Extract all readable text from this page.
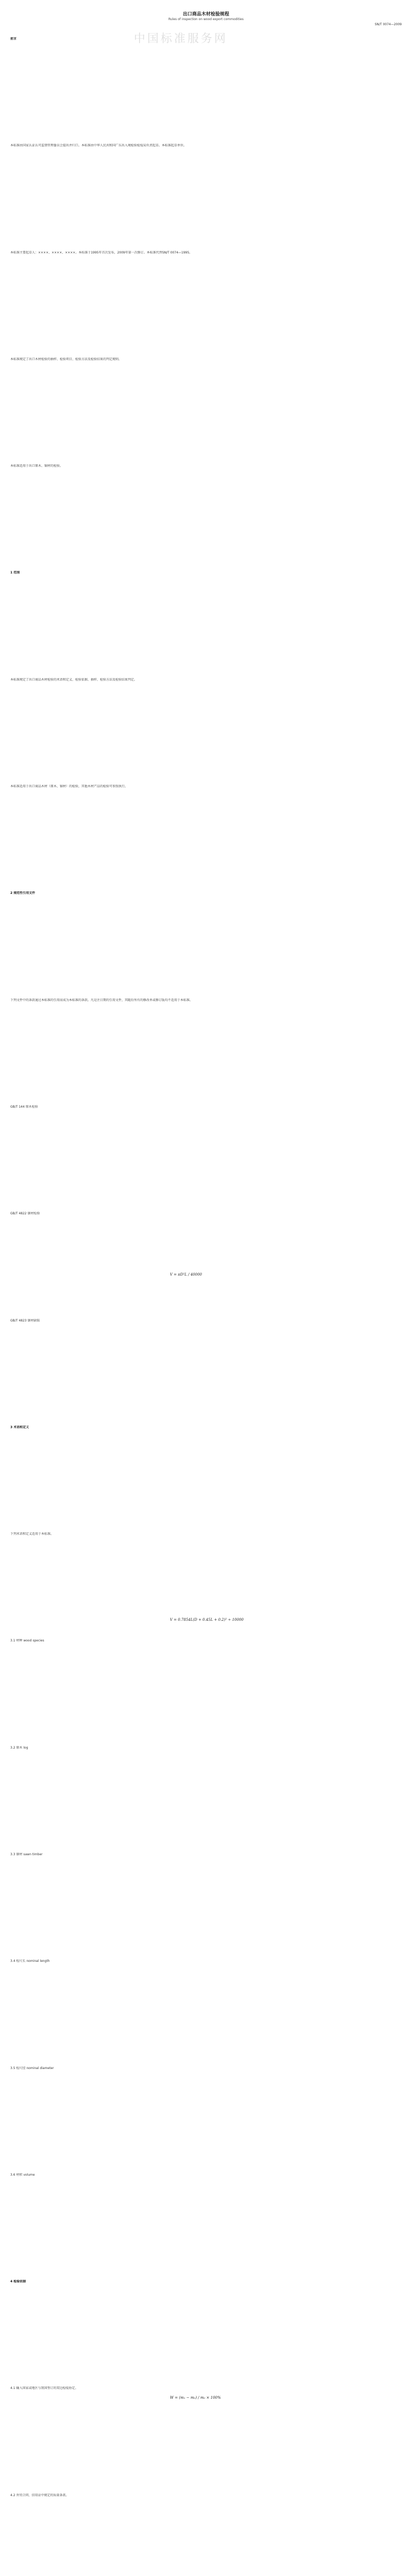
出口商品木材检验规程
Rules of inspection on wood export commodities
SN/T 0074—2009
中国标准服务网
前言
本标准由国家认证认可监督管理委员会提出并归口。本标准由中华人民共和国广东出入境检验检疫局负责起草。本标准起草单位。
本标准主要起草人：××××、××××、××××。本标准于1995年首次发布，2009年第一次修订。本标准代替SN/T 0074—1995。
本标准规定了出口木材检验的抽样、检验项目、检验方法及检验结果的判定规则。
本标准适用于出口原木、锯材的检验。
1 范围
本标准规定了出口商品木材检验的术语和定义、检验依据、抽样、检验方法及检验结果判定。
本标准适用于出口商品木材（原木、锯材）的检验，其他木材产品的检验可参照执行。
2 规范性引用文件
下列文件中的条款通过本标准的引用而成为本标准的条款。凡是注日期的引用文件，其随后所有的修改单或修订版均不适用于本标准。
GB/T 144 原木检验
GB/T 4822 锯材检验
GB/T 4823 锯材缺陷
3 术语和定义
下列术语和定义适用于本标准。
3.1 材种 wood species
3.2 原木 log
3.3 锯材 sawn timber
3.4 检尺长 nominal length
3.5 检尺径 nominal diameter
3.6 材积 volume
4 检验依据
4.1 输入国家或地区与我国签订的双边检疫协定。
4.2 外贸合同、信用证中规定的质量条款。
V = πD²L / 40000
V = 0.7854L(D + 0.45L + 0.2)² ÷ 10000
W = (m₁ − m₀) / m₀ × 100%
